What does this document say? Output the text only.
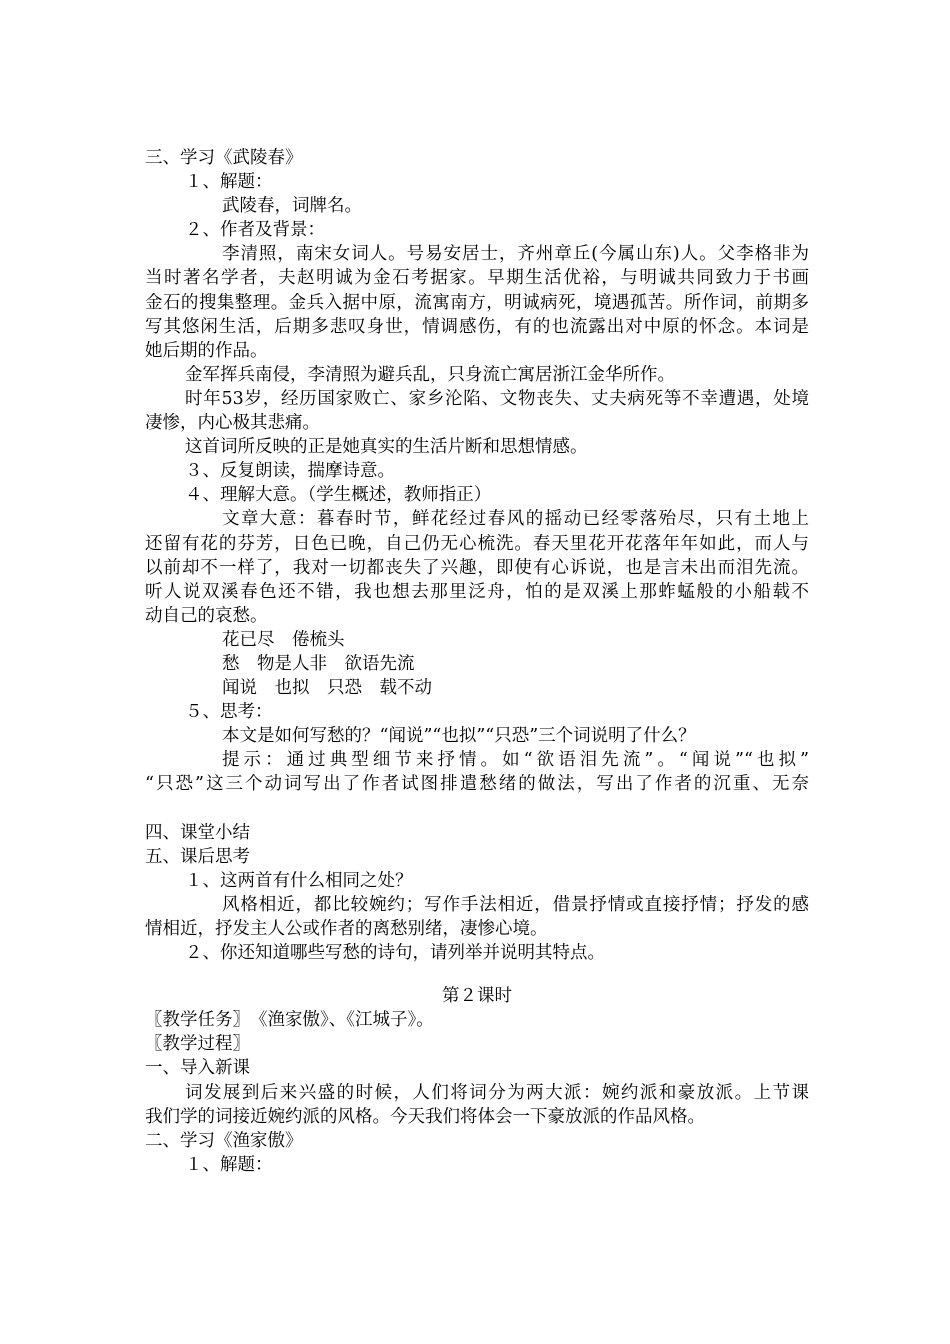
三、学习《武陵春》
１、解题：
武陵春，词牌名。
２、作者及背景：
李清照，南宋女词人。号易安居士，齐州章丘(今属山东)人。父李格非为
当时著名学者，夫赵明诚为金石考据家。早期生活优裕，与明诚共同致力于书画
金石的搜集整理。金兵入据中原，流寓南方，明诚病死，境遇孤苦。所作词，前期多
写其悠闲生活，后期多悲叹身世，情调感伤，有的也流露出对中原的怀念。本词是
她后期的作品。
金军挥兵南侵，李清照为避兵乱，只身流亡寓居浙江金华所作。
时年53岁，经历国家败亡、家乡沦陷、文物丧失、丈夫病死等不幸遭遇，处境
凄惨，内心极其悲痛。
这首词所反映的正是她真实的生活片断和思想情感。
３、反复朗读，揣摩诗意。
４、理解大意。（学生概述，教师指正）
文章大意：暮春时节，鲜花经过春风的摇动已经零落殆尽，只有土地上
还留有花的芬芳，日色已晚，自己仍无心梳洗。春天里花开花落年年如此，而人与
以前却不一样了，我对一切都丧失了兴趣，即使有心诉说，也是言未出而泪先流。
听人说双溪春色还不错，我也想去那里泛舟，怕的是双溪上那蚱蜢般的小船载不
动自己的哀愁。
花已尽　倦梳头
愁　物是人非　欲语先流
闻说　也拟　只恐　载不动
５、思考：
本文是如何写愁的？“闻说”“也拟”“只恐”三个词说明了什么？
提示：通过典型细节来抒情。如“欲语泪先流”。“闻说”“也拟”
“只恐”这三个动词写出了作者试图排遣愁绪的做法，写出了作者的沉重、无奈
四、课堂小结
五、课后思考
１、这两首有什么相同之处？
风格相近，都比较婉约；写作手法相近，借景抒情或直接抒情；抒发的感
情相近，抒发主人公或作者的离愁别绪，凄惨心境。
２、你还知道哪些写愁的诗句，请列举并说明其特点。
第２课时
〖教学任务〗　《渔家傲》、《江城子》。
〖教学过程〗
一、导入新课
词发展到后来兴盛的时候，人们将词分为两大派：婉约派和豪放派。上节课
我们学的词接近婉约派的风格。今天我们将体会一下豪放派的作品风格。
二、学习《渔家傲》
１、解题：
